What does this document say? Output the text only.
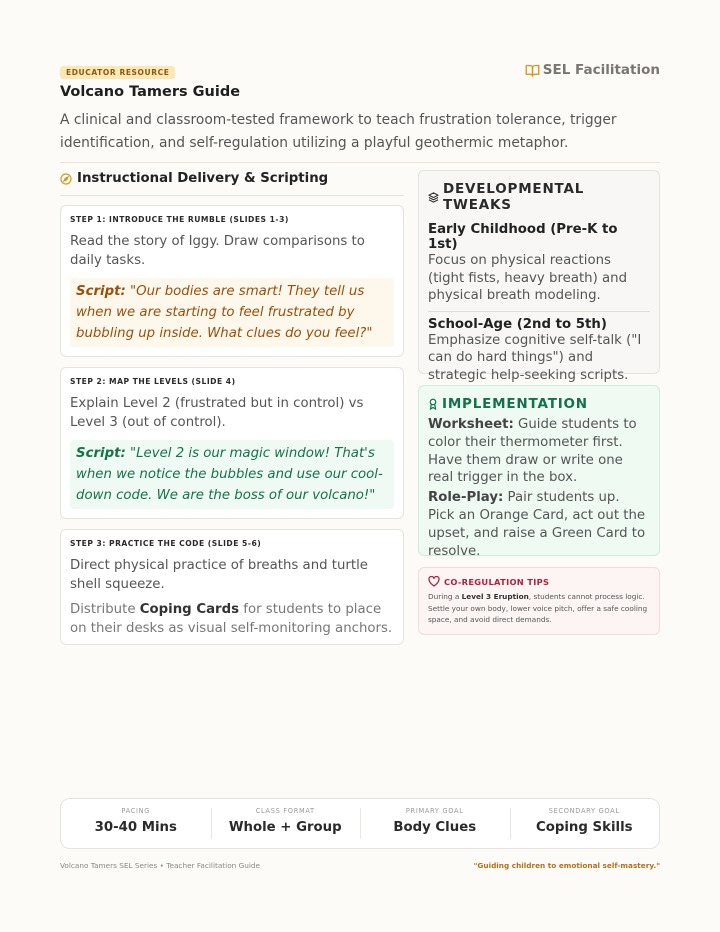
EDUCATOR RESOURCE	SEL Facilitation
Volcano Tamers Guide
A clinical and classroom-tested framework to teach frustration tolerance, trigger identification, and self-regulation utilizing a playful geothermic metaphor.
Instructional Delivery & Scripting
STEP 1: INTRODUCE THE RUMBLE (SLIDES 1-3)
Read the story of Iggy. Draw comparisons to daily tasks.
Script: "Our bodies are smart! They tell us when we are starting to feel frustrated by bubbling up inside. What clues do you feel?"
STEP 2: MAP THE LEVELS (SLIDE 4)
Explain Level 2 (frustrated but in control) vs Level 3 (out of control).
Script: "Level 2 is our magic window! That's when we notice the bubbles and use our cool-down code. We are the boss of our volcano!"
STEP 3: PRACTICE THE CODE (SLIDE 5-6)
Direct physical practice of breaths and turtle shell squeeze.
Distribute Coping Cards for students to place on their desks as visual self-monitoring anchors.
DEVELOPMENTAL TWEAKS
Early Childhood (Pre-K to 1st)
Focus on physical reactions (tight fists, heavy breath) and physical breath modeling.
School-Age (2nd to 5th)
Emphasize cognitive self-talk ("I can do hard things") and strategic help-seeking scripts.
IMPLEMENTATION
Worksheet: Guide students to color their thermometer first. Have them draw or write one real trigger in the box.
Role-Play: Pair students up. Pick an Orange Card, act out the upset, and raise a Green Card to resolve.
CO-REGULATION TIPS
During a Level 3 Eruption, students cannot process logic. Settle your own body, lower voice pitch, offer a safe cooling space, and avoid direct demands.
PACING
30-40 Mins
CLASS FORMAT
Whole + Group
PRIMARY GOAL
Body Clues
SECONDARY GOAL
Coping Skills
Volcano Tamers SEL Series • Teacher Facilitation Guide	"Guiding children to emotional self-mastery."
